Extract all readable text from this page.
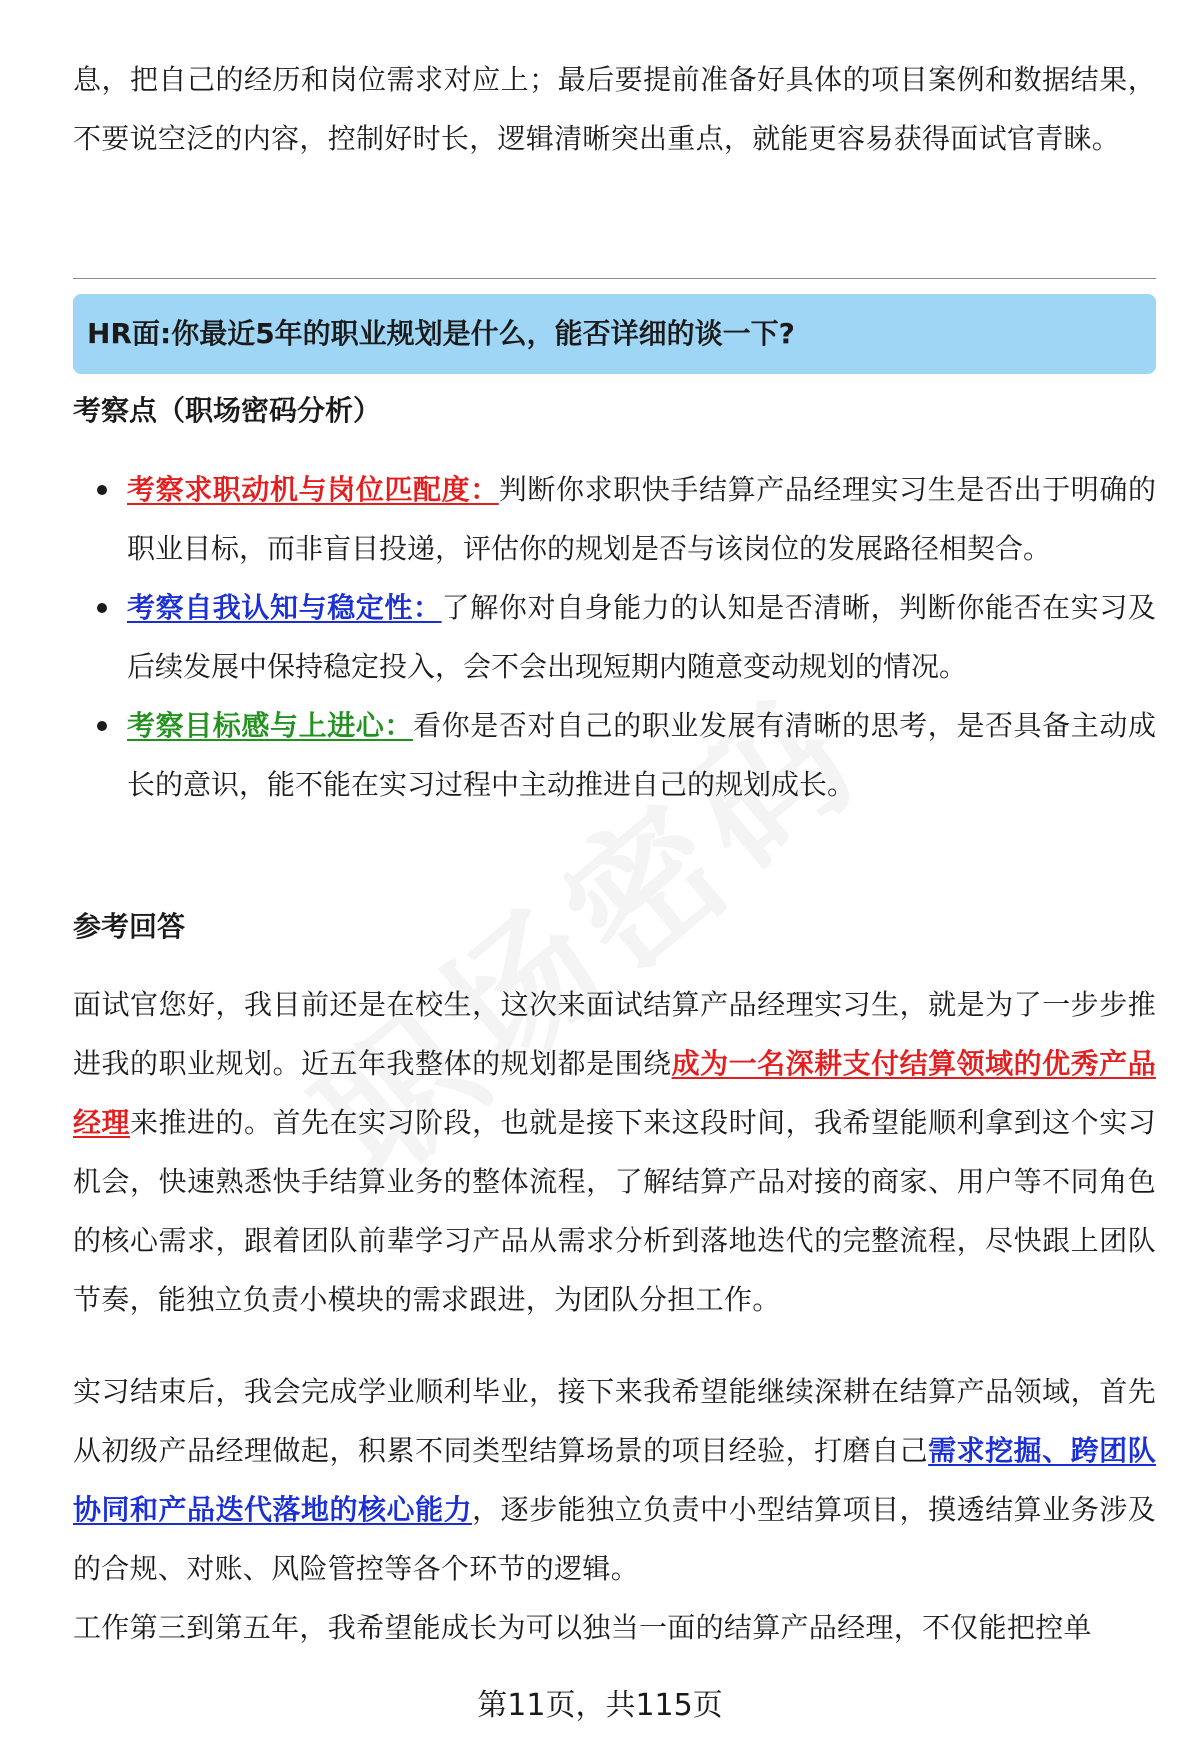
息，把自己的经历和岗位需求对应上；最后要提前准备好具体的项目案例和数据结果，不要说空泛的内容，控制好时长，逻辑清晰突出重点，就能更容易获得面试官青睐。

HR面:你最近5年的职业规划是什么，能否详细的谈一下?
考察点（职场密码分析）
考察求职动机与岗位匹配度：判断你求职快手结算产品经理实习生是否出于明确的职业目标，而非盲目投递，评估你的规划是否与该岗位的发展路径相契合。
考察自我认知与稳定性：了解你对自身能力的认知是否清晰，判断你能否在实习及后续发展中保持稳定投入，会不会出现短期内随意变动规划的情况。
考察目标感与上进心：看你是否对自己的职业发展有清晰的思考，是否具备主动成长的意识，能不能在实习过程中主动推进自己的规划成长。
参考回答

面试官您好，我目前还是在校生，这次来面试结算产品经理实习生，就是为了一步步推进我的职业规划。近五年我整体的规划都是围绕成为一名深耕支付结算领域的优秀产品经理来推进的。首先在实习阶段，也就是接下来这段时间，我希望能顺利拿到这个实习机会，快速熟悉快手结算业务的整体流程，了解结算产品对接的商家、用户等不同角色的核心需求，跟着团队前辈学习产品从需求分析到落地迭代的完整流程，尽快跟上团队节奏，能独立负责小模块的需求跟进，为团队分担工作。

实习结束后，我会完成学业顺利毕业，接下来我希望能继续深耕在结算产品领域，首先从初级产品经理做起，积累不同类型结算场景的项目经验，打磨自己需求挖掘、跨团队协同和产品迭代落地的核心能力，逐步能独立负责中小型结算项目，摸透结算业务涉及的合规、对账、风险管控等各个环节的逻辑。

工作第三到第五年，我希望能成长为可以独当一面的结算产品经理，不仅能把控单

第11页，共115页
